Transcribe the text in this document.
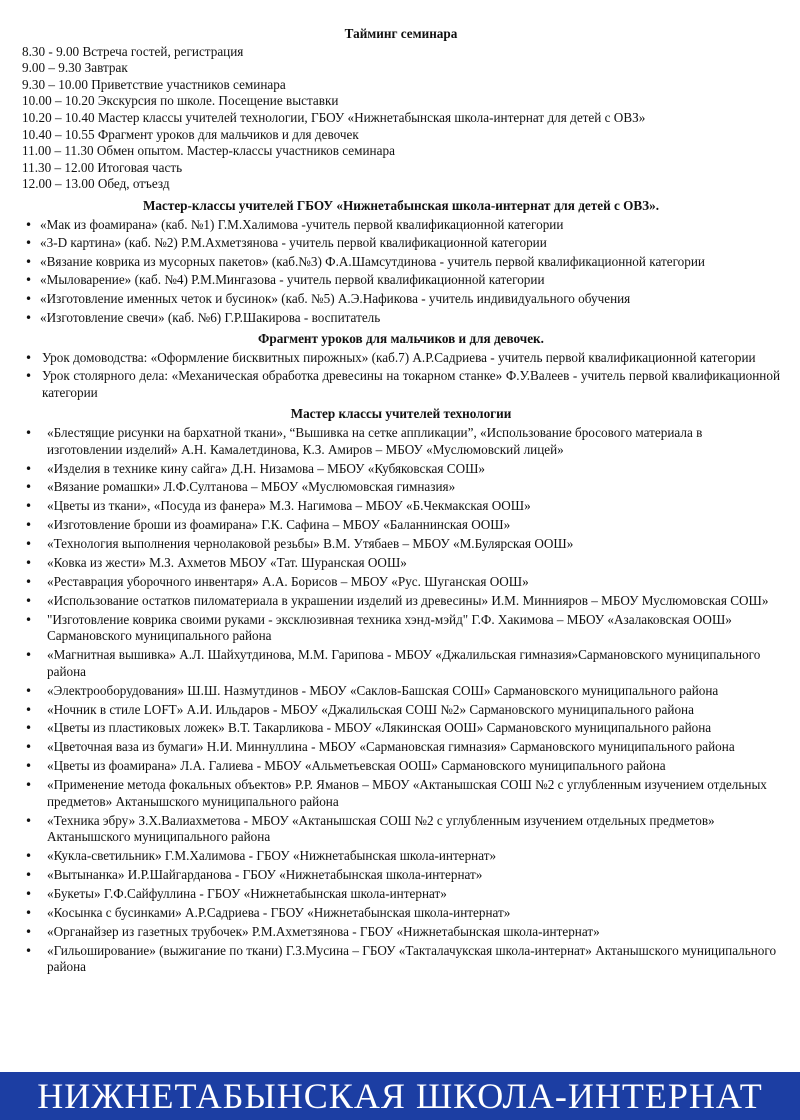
Тайминг семинара
8.30 - 9.00 Встреча гостей, регистрация
9.00 – 9.30 Завтрак
9.30 – 10.00 Приветствие участников семинара
10.00 – 10.20 Экскурсия по школе. Посещение выставки
10.20 – 10.40 Мастер классы учителей технологии, ГБОУ «Нижнетабынская школа-интернат для детей с ОВЗ»
10.40 – 10.55 Фрагмент уроков для мальчиков и для девочек
11.00 – 11.30 Обмен опытом. Мастер-классы участников семинара
11.30 – 12.00 Итоговая часть
12.00 – 13.00 Обед, отъезд
Мастер-классы учителей ГБОУ «Нижнетабынская школа-интернат для детей с ОВЗ».
• «Мак из фоамирана» (каб. №1) Г.М.Халимова -учитель первой квалификационной категории
• «3-D картина» (каб. №2) Р.М.Ахметзянова - учитель первой квалификационной категории
• «Вязание коврика из мусорных пакетов» (каб.№3) Ф.А.Шамсутдинова - учитель первой квалификационной категории
• «Мыловарение» (каб. №4) Р.М.Мингазова - учитель первой квалификационной категории
• «Изготовление именных четок и бусинок» (каб. №5) А.Э.Нафикова - учитель индивидуального обучения
• «Изготовление свечи» (каб. №6) Г.Р.Шакирова - воспитатель
Фрагмент уроков для мальчиков и для девочек.
• Урок домоводства: «Оформление бисквитных пирожных» (каб.7) А.Р.Садриева - учитель первой квалификационной категории
• Урок столярного дела: «Механическая обработка древесины на токарном станке» Ф.У.Валеев - учитель первой квалификационной категории
Мастер классы учителей технологии
• «Блестящие рисунки на бархатной ткани», “Вышивка на сетке аппликации”, «Использование бросового материала в изготовлении изделий» А.Н. Камалетдинова, К.З. Амиров – МБОУ «Муслюмовский лицей»
• «Изделия в технике кину сайга» Д.Н. Низамова – МБОУ «Кубяковская СОШ»
• «Вязание ромашки» Л.Ф.Султанова – МБОУ «Муслюмовская гимназия»
• «Цветы из ткани», «Посуда из фанера» М.З. Нагимова – МБОУ «Б.Чекмакская ООШ»
• «Изготовление броши из фоамирана» Г.К. Сафина – МБОУ «Баланнинская ООШ»
• «Технология выполнения чернолаковой резьбы» В.М. Утябаев – МБОУ «М.Булярская ООШ»
• «Ковка из жести» М.З. Ахметов МБОУ «Тат. Шуранская ООШ»
• «Реставрация уборочного инвентаря» А.А. Борисов – МБОУ «Рус. Шуганская ООШ»
• «Использование остатков пиломатериала в украшении изделий из древесины» И.М. Миннияров – МБОУ Муслюмовская СОШ»
• "Изготовление коврика своими руками - эксклюзивная техника хэнд-мэйд" Г.Ф. Хакимова – МБОУ «Азалаковская ООШ» Сармановского муниципального района
• «Магнитная вышивка» А.Л. Шайхутдинова, М.М. Гарипова - МБОУ «Джалильская гимназия»Сармановского муниципального района
• «Электрооборудования» Ш.Ш. Назмутдинов - МБОУ «Саклов-Башская СОШ» Сармановского муниципального района
• «Ночник в стиле LOFT» А.И. Ильдаров - МБОУ «Джалильская СОШ №2» Сармановского муниципального района
• «Цветы из пластиковых ложек» В.Т. Такарликова - МБОУ «Лякинская ООШ» Сармановского муниципального района
• «Цветочная ваза из бумаги» Н.И. Миннуллина - МБОУ «Сармановская гимназия» Сармановского муниципального района
• «Цветы из фоамирана» Л.А. Галиева - МБОУ «Альметьевская ООШ» Сармановского муниципального района
• «Применение метода фокальных объектов» Р.Р. Яманов – МБОУ «Актанышская СОШ №2 с углубленным изучением отдельных предметов» Актанышского муниципального района
• «Техника эбру» З.Х.Валиахметова - МБОУ «Актанышская СОШ №2 с углубленным изучением отдельных предметов» Актанышского муниципального района
• «Кукла-светильник» Г.М.Халимова - ГБОУ «Нижнетабынская школа-интернат»
• «Вытынанка» И.Р.Шайгарданова - ГБОУ «Нижнетабынская школа-интернат»
• «Букеты» Г.Ф.Сайфуллина - ГБОУ «Нижнетабынская школа-интернат»
• «Косынка с бусинками» А.Р.Садриева - ГБОУ «Нижнетабынская школа-интернат»
• «Органайзер из газетных трубочек» Р.М.Ахметзянова - ГБОУ «Нижнетабынская школа-интернат»
• «Гильоширование» (выжигание по ткани) Г.З.Мусина – ГБОУ «Такталачукская школа-интернат» Актанышского муниципального района
НИЖНЕТАБЫНСКАЯ ШКОЛА-ИНТЕРНАТ
